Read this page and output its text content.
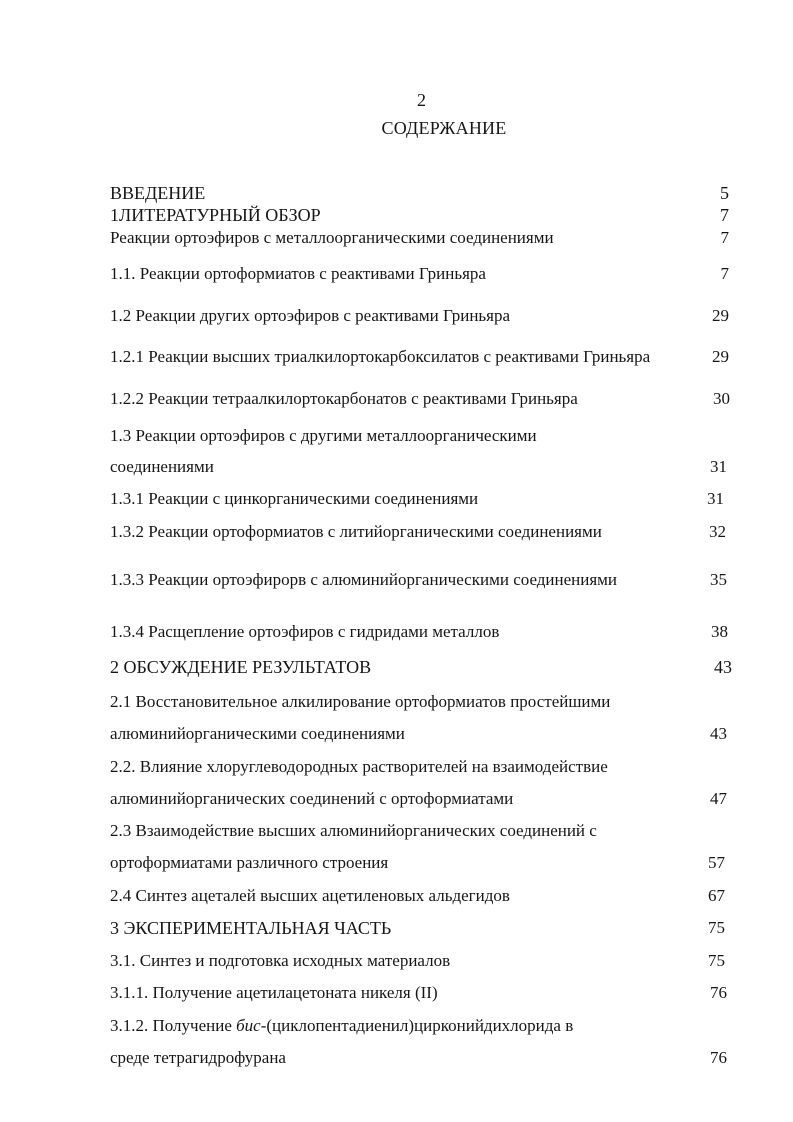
2
СОДЕРЖАНИЕ
ВВЕДЕНИЕ	5
1ЛИТЕРАТУРНЫЙ ОБЗОР	7
Реакции ортоэфиров с металлоорганическими соединениями	7
1.1. Реакции ортоформиатов с реактивами Гриньяра	7
1.2 Реакции других ортоэфиров с реактивами Гриньяра	29
1.2.1 Реакции высших триалкилортокарбоксилатов с реактивами Гриньяра	29
1.2.2 Реакции тетраалкилортокарбонатов с реактивами Гриньяра	30
1.3 Реакции ортоэфиров с другими металлоорганическими
соединениями	31
1.3.1 Реакции с цинкорганическими соединениями	31
1.3.2 Реакции ортоформиатов с литийорганическими соединениями	32
1.3.3 Реакции ортоэфирорв с алюминийорганическими соединениями	35
1.3.4 Расщепление ортоэфиров с гидридами металлов	38
2 ОБСУЖДЕНИЕ РЕЗУЛЬТАТОВ	43
2.1 Восстановительное алкилирование ортоформиатов простейшими
алюминийорганическими соединениями	43
2.2. Влияние хлоруглеводородных растворителей на взаимодействие
алюминийорганических соединений с ортоформиатами	47
2.3 Взаимодействие высших алюминийорганических соединений с
ортоформиатами различного строения	57
2.4 Синтез ацеталей высших ацетиленовых альдегидов	67
3 ЭКСПЕРИМЕНТАЛЬНАЯ ЧАСТЬ	75
3.1. Синтез и подготовка исходных материалов	75
3.1.1. Получение ацетилацетоната никеля (II)	76
3.1.2. Получение бис-(циклопентадиенил)цирконийдихлорида в
среде тетрагидрофурана	76
